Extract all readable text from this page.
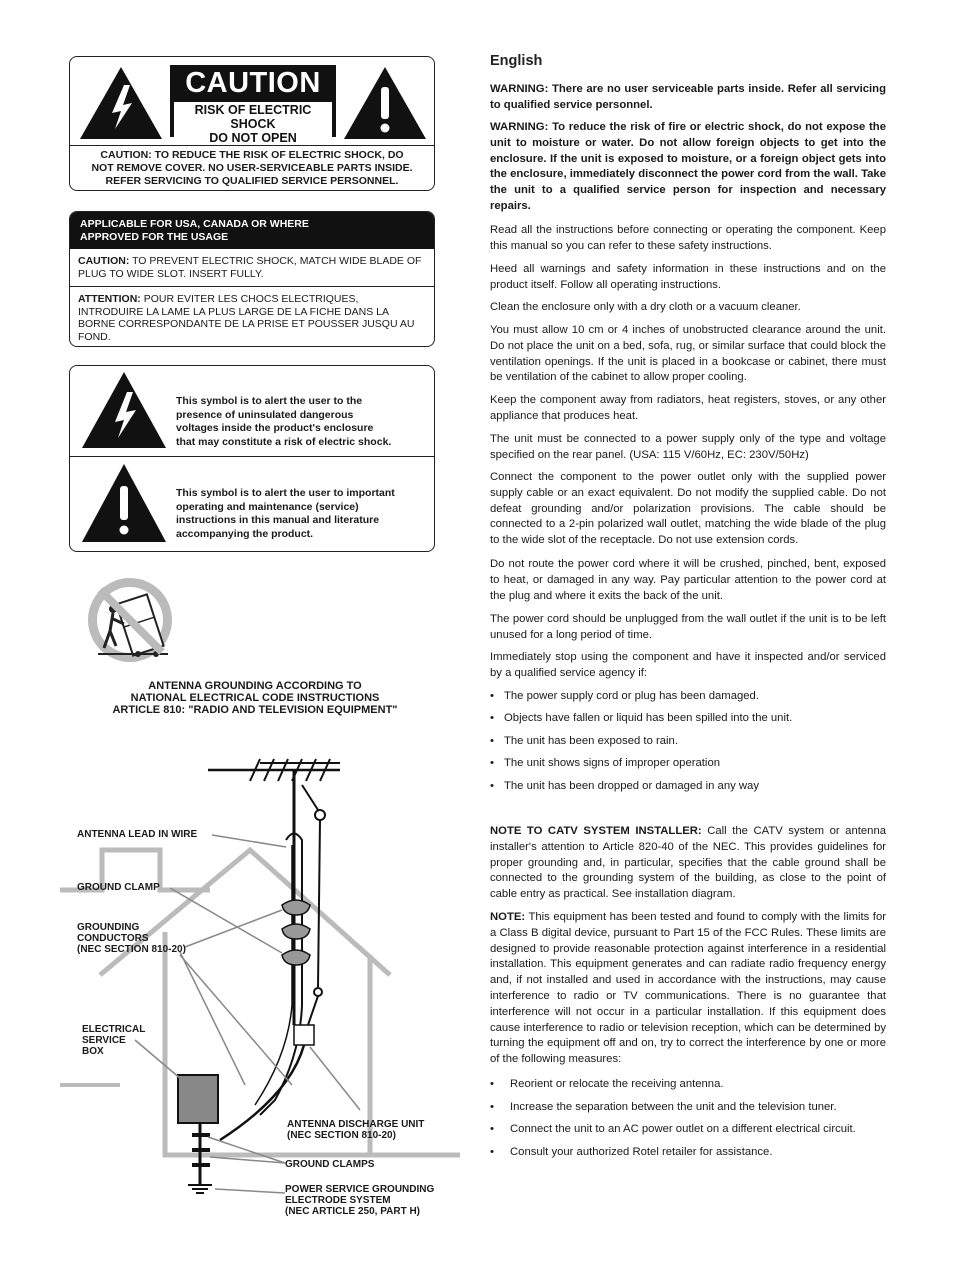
CAUTION
RISK OF ELECTRIC SHOCK
DO NOT OPEN
CAUTION: TO REDUCE THE RISK OF ELECTRIC SHOCK, DO
NOT REMOVE COVER. NO USER-SERVICEABLE PARTS INSIDE.
REFER SERVICING TO QUALIFIED SERVICE PERSONNEL.
APPLICABLE FOR USA, CANADA OR WHERE
APPROVED FOR THE USAGE
CAUTION: TO PREVENT ELECTRIC SHOCK, MATCH WIDE BLADE OF PLUG TO WIDE SLOT. INSERT FULLY.
ATTENTION: POUR EVITER LES CHOCS ELECTRIQUES, INTRODUIRE LA LAME LA PLUS LARGE DE LA FICHE DANS LA BORNE CORRESPONDANTE DE LA PRISE ET POUSSER JUSQU AU FOND.
This symbol is to alert the user to the
presence of uninsulated dangerous
voltages inside the product's enclosure
that may constitute a risk of electric shock.
This symbol is to alert the user to important
operating and maintenance (service)
instructions in this manual and literature
accompanying the product.
ANTENNA GROUNDING ACCORDING TO
NATIONAL ELECTRICAL CODE INSTRUCTIONS
ARTICLE 810: "RADIO AND TELEVISION EQUIPMENT"
ANTENNA LEAD IN WIRE
GROUND CLAMP
GROUNDING
CONDUCTORS
(NEC SECTION 810-20)
ELECTRICAL
SERVICE
BOX
ANTENNA DISCHARGE UNIT
(NEC SECTION 810-20)
GROUND CLAMPS
POWER SERVICE GROUNDING
ELECTRODE SYSTEM
(NEC ARTICLE 250, PART H)
English

WARNING: There are no user serviceable parts inside. Refer all servicing to qualified service personnel.

WARNING: To reduce the risk of fire or electric shock, do not expose the unit to moisture or water. Do not allow foreign objects to get into the enclosure. If the unit is exposed to moisture, or a foreign object gets into the enclosure, immediately disconnect the power cord from the wall. Take the unit to a qualified service person for inspection and necessary repairs.

Read all the instructions before connecting or operating the component. Keep this manual so you can refer to these safety instructions.

Heed all warnings and safety information in these instructions and on the product itself. Follow all operating instructions.

Clean the enclosure only with a dry cloth or a vacuum cleaner.

You must allow 10 cm or 4 inches of unobstructed clearance around the unit. Do not place the unit on a bed, sofa, rug, or similar surface that could block the ventilation openings. If the unit is placed in a bookcase or cabinet, there must be ventilation of the cabinet to allow proper cooling.

Keep the component away from radiators, heat registers, stoves, or any other appliance that produces heat.

The unit must be connected to a power supply only of the type and voltage specified on the rear panel. (USA: 115 V/60Hz, EC: 230V/50Hz)

Connect the component to the power outlet only with the supplied power supply cable or an exact equivalent. Do not modify the supplied cable. Do not defeat grounding and/or polarization provisions. The cable should be connected to a 2-pin polarized wall outlet, matching the wide blade of the plug to the wide slot of the receptacle. Do not use extension cords.

Do not route the power cord where it will be crushed, pinched, bent, exposed to heat, or damaged in any way. Pay particular attention to the power cord at the plug and where it exits the back of the unit.

The power cord should be unplugged from the wall outlet if the unit is to be left unused for a long period of time.

Immediately stop using the component and have it inspected and/or serviced by a qualified service agency if:

• The power supply cord or plug has been damaged.
• Objects have fallen or liquid has been spilled into the unit.
• The unit has been exposed to rain.
• The unit shows signs of improper operation
• The unit has been dropped or damaged in any way

NOTE TO CATV SYSTEM INSTALLER: Call the CATV system or antenna installer's attention to Article 820-40 of the NEC. This provides guidelines for proper grounding and, in particular, specifies that the cable ground shall be connected to the grounding system of the building, as close to the point of cable entry as practical. See installation diagram.

NOTE: This equipment has been tested and found to comply with the limits for a Class B digital device, pursuant to Part 15 of the FCC Rules. These limits are designed to provide reasonable protection against interference in a residential installation. This equipment generates and can radiate radio frequency energy and, if not installed and used in accordance with the instructions, may cause interference to radio or TV communications. There is no guarantee that interference will not occur in a particular installation. If this equipment does cause interference to radio or television reception, which can be determined by turning the equipment off and on, try to correct the interference by one or more of the following measures:

• Reorient or relocate the receiving antenna.
• Increase the separation between the unit and the television tuner.
• Connect the unit to an AC power outlet on a different electrical circuit.
• Consult your authorized Rotel retailer for assistance.
